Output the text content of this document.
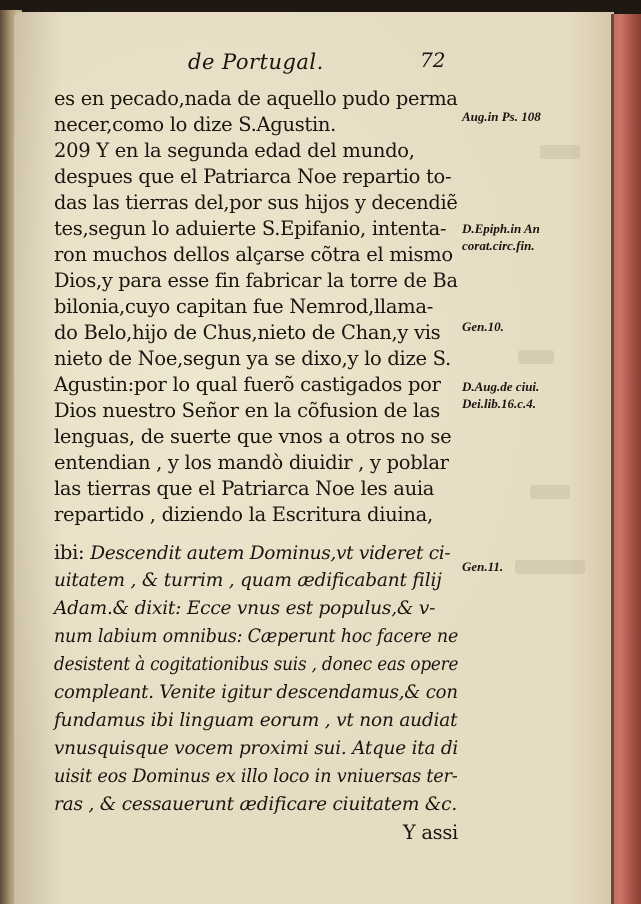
de Portugal.	72
es en pecado,nada de aquello pudo perma
necer,como lo dize S.Agustin.
209 Y en la segunda edad del mundo,
despues que el Patriarca Noe repartio to-
das las tierras del,por sus hijos y decendiẽ
tes,segun lo aduierte S.Epifanio, intenta-
ron muchos dellos alçarse cõtra el mismo
Dios,y para esse fin fabricar la torre de Ba
bilonia,cuyo capitan fue Nemrod,llama-
do Belo,hijo de Chus,nieto de Chan,y vis
nieto de Noe,segun ya se dixo,y lo dize S.
Agustin:por lo qual fuerõ castigados por
Dios nuestro Señor en la cõfusion de las
lenguas, de suerte que vnos a otros no se
entendian , y los mandò diuidir , y poblar
las tierras que el Patriarca Noe les auia
repartido , diziendo la Escritura diuina,
ibi: Descendit autem Dominus,vt videret ci-
uitatem , & turrim , quam ædificabant filij
Adam.& dixit: Ecce vnus est populus,& v-
num labium omnibus: Cæperunt hoc facere ne
desistent à cogitationibus suis , donec eas opere
compleant. Venite igitur descendamus,& con
fundamus ibi linguam eorum , vt non audiat
vnusquisque vocem proximi sui. Atque ita di
uisit eos Dominus ex illo loco in vniuersas ter-
ras , & cessauerunt ædificare ciuitatem &c.
Y assi
Aug.in Ps. 108
D.Epiph.in An
corat.circ.fin.
Gen.10.
D.Aug.de ciui.
Dei.lib.16.c.4.
Gen.11.
